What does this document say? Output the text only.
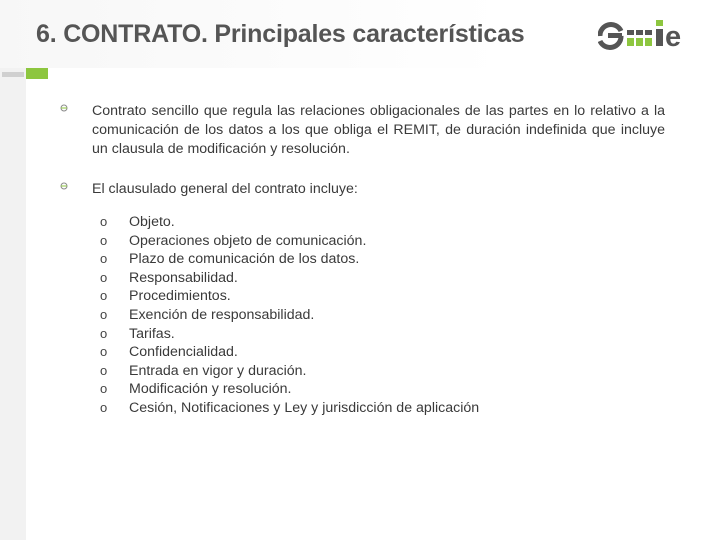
6. CONTRATO. Principales características	e
Contrato sencillo que regula las relaciones obligacionales de las partes en lo relativo a la comunicación de los datos a los que obliga el REMIT, de duración indefinida que incluye un clausula de modificación y resolución.
El clausulado general del contrato incluye:
o Objeto.
o Operaciones objeto de comunicación.
o Plazo de comunicación de los datos.
o Responsabilidad.
o Procedimientos.
o Exención de responsabilidad.
o Tarifas.
o Confidencialidad.
o Entrada en vigor y duración.
o Modificación y resolución.
o Cesión, Notificaciones y Ley y jurisdicción de aplicación
